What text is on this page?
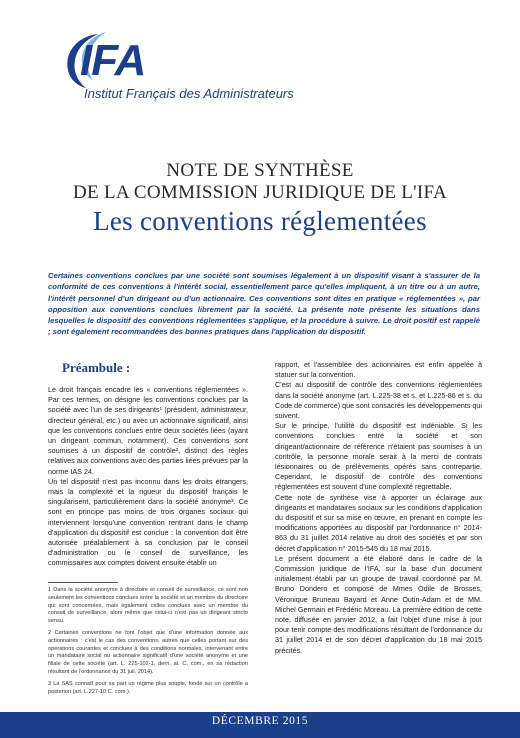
IFA
Institut Français des Administrateurs
NOTE DE SYNTHÈSE
DE LA COMMISSION JURIDIQUE DE L'IFA
Les conventions réglementées
Certaines conventions conclues par une société sont soumises légalement à un dispositif visant à s'assurer de la conformité de ces conventions à l'intérêt social, essentiellement parce qu'elles impliquent, à un titre ou à un autre, l'intérêt personnel d'un dirigeant ou d'un actionnaire. Ces conventions sont dites en pratique « réglementées », par opposition aux conventions conclues librement par la société. La présente note présente les situations dans lesquelles le dispositif des conventions réglementées s'applique, et la procédure à suivre. Le droit positif est rappelé ; sont également recommandées des bonnes pratiques dans l'application du dispositif.
Préambule :

Le droit français encadre les « conventions réglementées ». Par ces termes, on désigne les conventions conclues par la société avec l'un de ses dirigeants¹ (président, administrateur, directeur général, etc.) ou avec un actionnaire significatif, ainsi que les conventions conclues entre deux sociétés liées (ayant un dirigeant commun, notamment). Ces conventions sont soumises à un dispositif de contrôle², distinct des règles relatives aux conventions avec des parties liées prévues par la norme IAS 24.

Un tel dispositif n'est pas inconnu dans les droits étrangers, mais la complexité et la rigueur du dispositif français le singularisent, particulièrement dans la société anonyme³. Ce sont en principe pas moins de trois organes sociaux qui interviennent lorsqu'une convention rentrant dans le champ d'application du dispositif est conclue : la convention doit être autorisée préalablement à sa conclusion par le conseil d'administration ou le conseil de surveillance, les commissaires aux comptes doivent ensuite établir un

1 Dans la société anonyme à directoire et conseil de surveillance, ce sont non seulement les conventions conclues entre la société et un membre du directoire qui sont concernées, mais également celles conclues avec un membre du conseil de surveillance, alors même que celui-ci n'est pas un dirigeant stricto sensu.

2 Certaines conventions ne font l'objet que d'une information donnée aux actionnaires : c'est le cas des conventions, autres que celles portant sur des opérations courantes et conclues à des conditions normales, intervenant entre un mandataire social ou actionnaire significatif d'une société anonyme et une filiale de cette société (art. L. 225-102-1, dern. al. C. com., en sa rédaction résultant de l'ordonnance du 31 juil. 2014).

3 La SAS connaît pour sa part un régime plus souple, fondé sur un contrôle a posteriori (art. L.227-10 C. com.).

rapport, et l'assemblée des actionnaires est enfin appelée à statuer sur la convention.

C'est au dispositif de contrôle des conventions réglementées dans la société anonyme (art. L.225-38 et s. et L.225-86 et s. du Code de commerce) que sont consacrés les développements qui suivent.

Sur le principe, l'utilité du dispositif est indéniable. Si les conventions conclues entre la société et son dirigeant/actionnaire de référence n'étaient pas soumises à un contrôle, la personne morale serait à la merci de contrats lésionnaires ou de prélèvements opérés sans contrepartie. Cependant, le dispositif de contrôle des conventions réglementées est souvent d'une complexité regrettable.

Cette note de synthèse vise à apporter un éclairage aux dirigeants et mandataires sociaux sur les conditions d'application du dispositif et sur sa mise en œuvre, en prenant en compte les modifications apportées au dispositif par l'ordonnance n° 2014-863 du 31 juillet 2014 relative au droit des sociétés et par son décret d'application n° 2015-545 du 18 mai 2015.

Le présent document a été élaboré dans le cadre de la Commission juridique de l'IFA, sur la base d'un document initialement établi par un groupe de travail coordonné par M. Bruno Dondero et composé de Mmes Odile de Brosses, Véronique Bruneau Bayard et Anne Outin-Adam et de MM. Michel Germain et Frédéric Moreau. La première édition de cette note, diffusée en janvier 2012, a fait l'objet d'une mise à jour pour tenir compte des modifications résultant de l'ordonnance du 31 juillet 2014 et de son décret d'application du 18 mai 2015 précités.

DÉCEMBRE 2015
